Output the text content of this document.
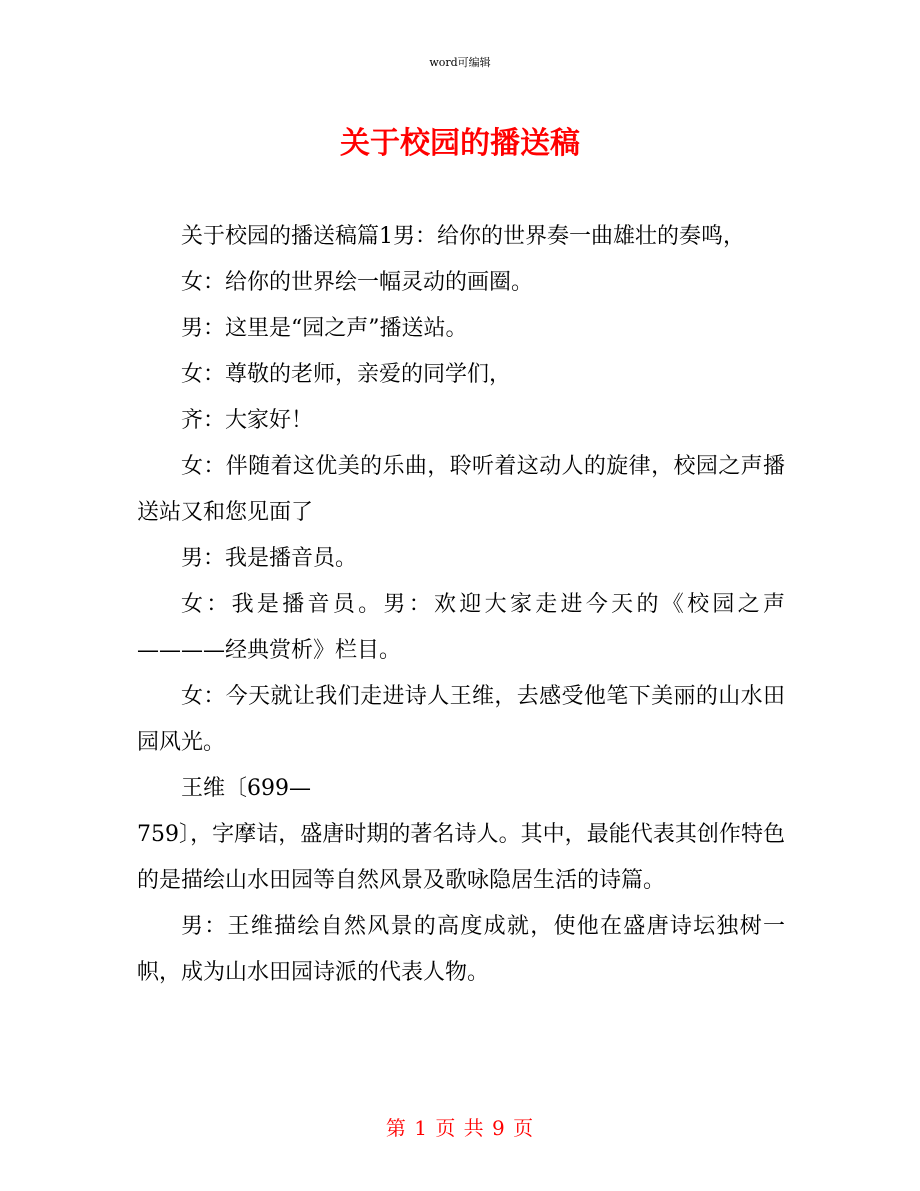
word可编辑
关于校园的播送稿

关于校园的播送稿篇1男：给你的世界奏一曲雄壮的奏鸣，

女：给你的世界绘一幅灵动的画圈。

男：这里是“园之声”播送站。

女：尊敬的老师，亲爱的同学们，

齐：大家好！

女：伴随着这优美的乐曲，聆听着这动人的旋律，校园之声播送站又和您见面了

男：我是播音员。

女：我是播音员。男：欢迎大家走进今天的《校园之声————经典赏析》栏目。

女：今天就让我们走进诗人王维，去感受他笔下美丽的山水田园风光。

王维〔699—

759〕，字摩诘，盛唐时期的著名诗人。其中，最能代表其创作特色的是描绘山水田园等自然风景及歌咏隐居生活的诗篇。

男：王维描绘自然风景的高度成就，使他在盛唐诗坛独树一帜，成为山水田园诗派的代表人物。

第 1 页 共 9 页
